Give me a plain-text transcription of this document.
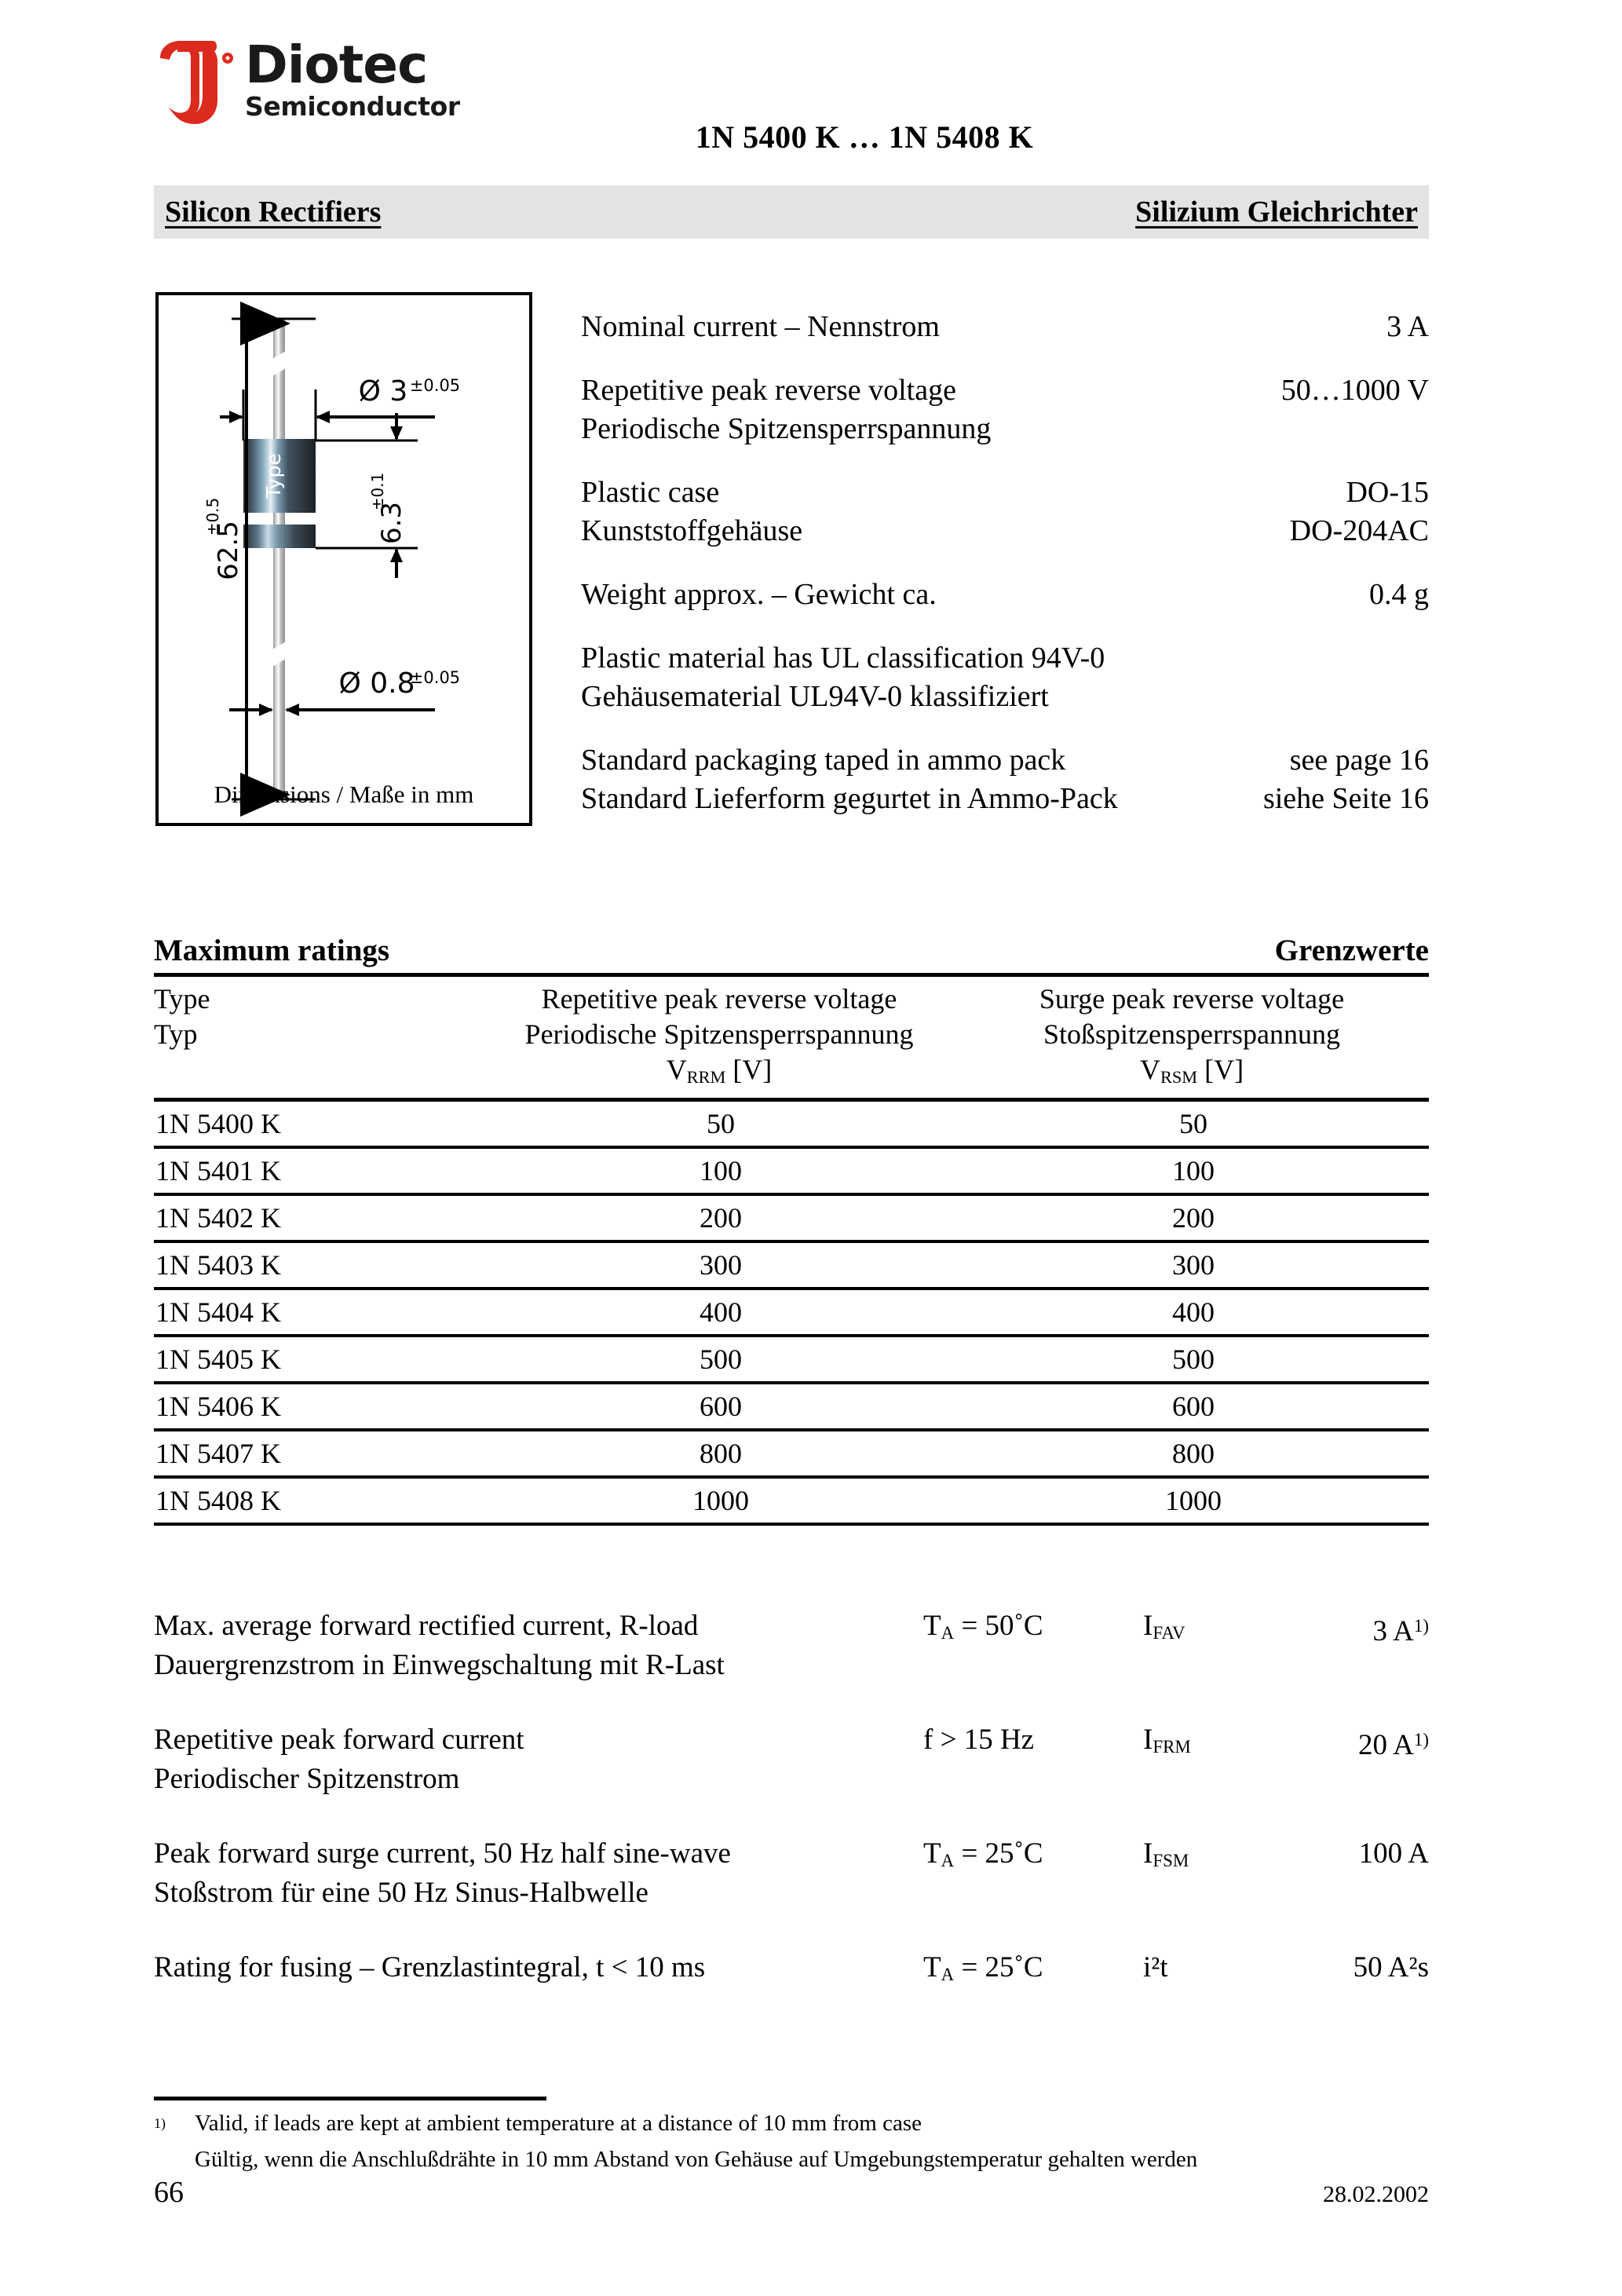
Diotec
Semiconductor
1N 5400 K … 1N 5408 K
Silicon Rectifiers	Silizium Gleichrichter
Type
62.5
±0.5
Ø 3 ±0.05
6.3
±0.1
Ø 0.8
±0.05
Dimensions / Maße in mm
Nominal current – Nennstrom	3 A
Repetitive peak reverse voltage	50…1000 V
Periodische Spitzensperrspannung
Plastic case	DO-15
Kunststoffgehäuse	DO-204AC
Weight approx. – Gewicht ca.	0.4 g
Plastic material has UL classification 94V-0
Gehäusematerial UL94V-0 klassifiziert
Standard packaging taped in ammo pack	see page 16
Standard Lieferform gegurtet in Ammo-Pack	siehe Seite 16
Maximum ratings	Grenzwerte
Type
Typ
Repetitive peak reverse voltage
Periodische Spitzensperrspannung
$V_{RRM}$ [V]
Surge peak reverse voltage
Stoßspitzensperrspannung
$V_{RSM}$ [V]
1N 5400 K	50	50
1N 5401 K	100	100
1N 5402 K	200	200
1N 5403 K	300	300
1N 5404 K	400	400
1N 5405 K	500	500
1N 5406 K	600	600
1N 5407 K	800	800
1N 5408 K	1000	1000
Max. average forward rectified current, R-load
Dauergrenzstrom in Einwegschaltung mit R-Last
$T_A$ = 50˚C	$I_{FAV}$	3 $A^{1)}$
Repetitive peak forward current
Periodischer Spitzenstrom
f > 15 Hz	$I_{FRM}$	20 $A^{1)}$
Peak forward surge current, 50 Hz half sine-wave
Stoßstrom für eine 50 Hz Sinus-Halbwelle
$T_A$ = 25˚C	$I_{FSM}$	100 A
Rating for fusing – Grenzlastintegral, t < 10 ms	$T_A$ = 25˚C	i²t	50 A²s
$^{1)}$	Valid, if leads are kept at ambient temperature at a distance of 10 mm from case
Gültig, wenn die Anschlußdrähte in 10 mm Abstand von Gehäuse auf Umgebungstemperatur gehalten werden
66	28.02.2002
